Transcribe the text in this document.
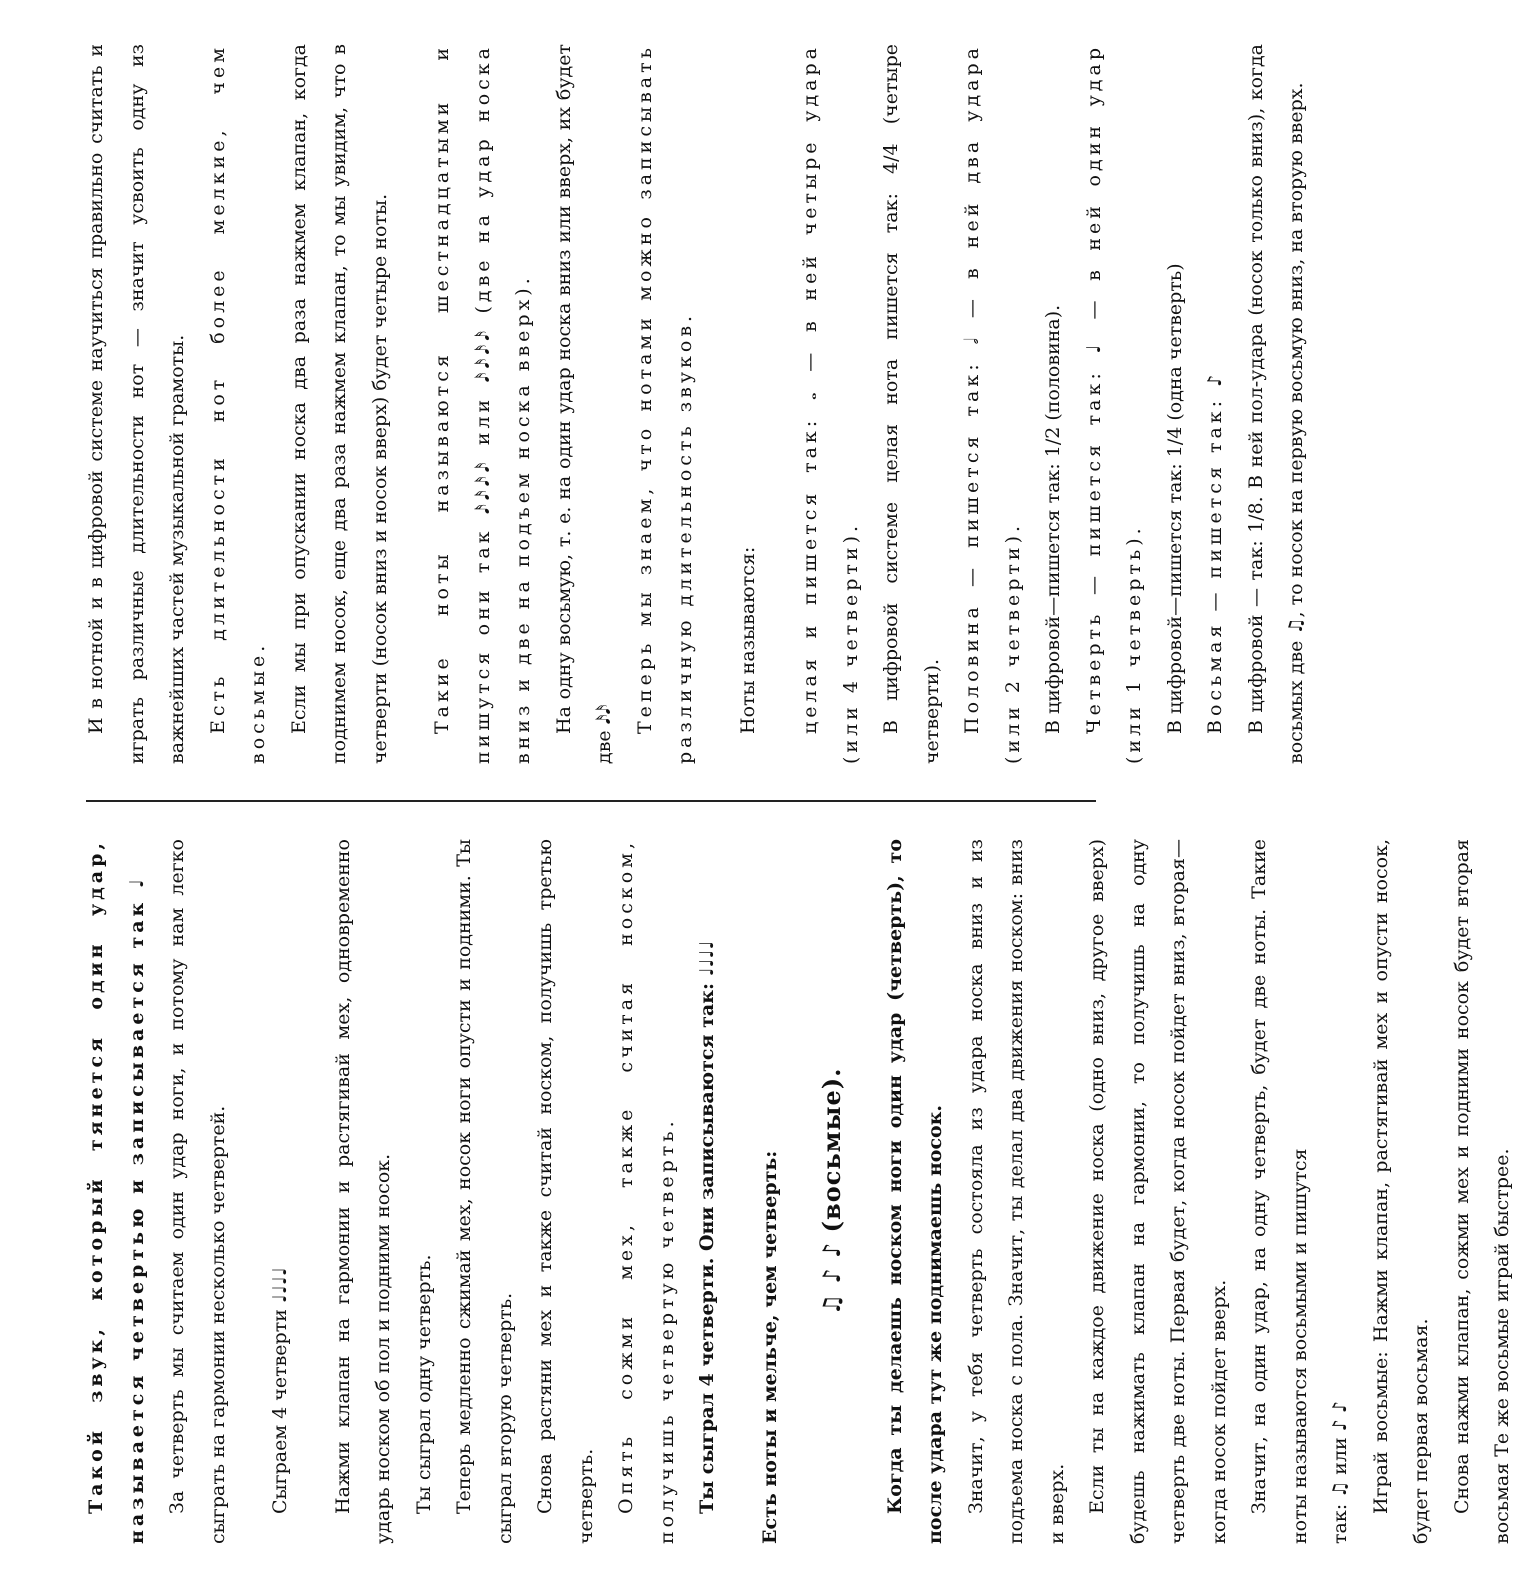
Такой звук, который тянется один удар, называется четвертью и записывается так ♩ За четверть мы считаем один удар ноги, и потому нам легко сыграть на гармонии несколько четвертей.	Сыграем 4 четверти ♩♩♩♩	Нажми клапан на гармонии и растягивай мех, одновременно ударь носком об пол и подними носок. Ты сыграл одну четверть. Теперь медленно сжимай мех, носок ноги опусти и подними. Ты сыграл вторую четверть. Снова растяни мех и также считай носком, получишь третью четверть. Опять сожми мех, также считая носком, получишь четвертую четверть. Ты сыграл 4 четверти. Они записываются так: ♩♩♩♩	Есть ноты и мельче, чем четверть:	♫ ♪ ♪ (восьмые).	Когда ты делаешь носком ноги один удар (четверть), то после удара тут же поднимаешь носок. Значит, у тебя четверть состояла из удара носка вниз и из подъема носка с пола. Значит, ты делал два движения носком: вниз и вверх. Если ты на каждое движение носка (одно вниз, другое вверх) будешь нажимать клапан на гармонии, то получишь на одну четверть две ноты. Первая будет, когда носок пойдет вниз, вторая—когда носок пойдет вверх. Значит, на один удар, на одну четверть, будет две ноты. Такие ноты называются восьмыми и пишутся так: ♫ или ♪ ♪ Играй восьмые: Нажми клапан, растягивай мех и опусти носок, будет первая восьмая. Снова нажми клапан, сожми мех и подними носок будет вторая восьмая Те же восьмые играй быстрее.

И в нотной и в цифровой системе научиться правильно считать и играть различные длительности нот — значит усвоить одну из важнейших частей музыкальной грамоты. Есть длительности нот более мелкие, чем восьмые. Если мы при опускании носка два раза нажмем клапан, когда поднимем носок, еще два раза нажмем клапан, то мы увидим, что в четверти (носок вниз и носок вверх) будет четыре ноты.	Такие ноты называются шестнадцатыми и пишутся они так 𝅘𝅥𝅯𝅘𝅥𝅯𝅘𝅥𝅯𝅘𝅥𝅯 или 𝅘𝅥𝅯𝅘𝅥𝅯𝅘𝅥𝅯𝅘𝅥𝅯 (две на удар носка вниз и две на подъем носка вверх). На одну восьмую, т. е. на один удар носка вниз или вверх, их будет две 𝅘𝅥𝅯𝅘𝅥𝅯

Теперь мы знаем, что нотами можно записывать различную длительность звуков.	Ноты называются:	целая и пишется так: 𝅝 — в ней четыре удара (или 4 четверти). В цифровой системе целая нота пишется так: 4/4 (четыре четверти). Половина — пишется так: 𝅗𝅥 — в ней два удара (или 2 четверти). В цифровой—пишется так: 1/2 (половина). Четверть — пишется так: ♩ — в ней один удар (или 1 четверть). В цифровой—пишется так: 1/4 (одна четверть) Восьмая — пишется так: ♪ В цифровой — так: 1/8. В ней пол-удара (носок только вниз), когда восьмых две ♫, то носок на первую восьмую вниз, на вторую вверх.
